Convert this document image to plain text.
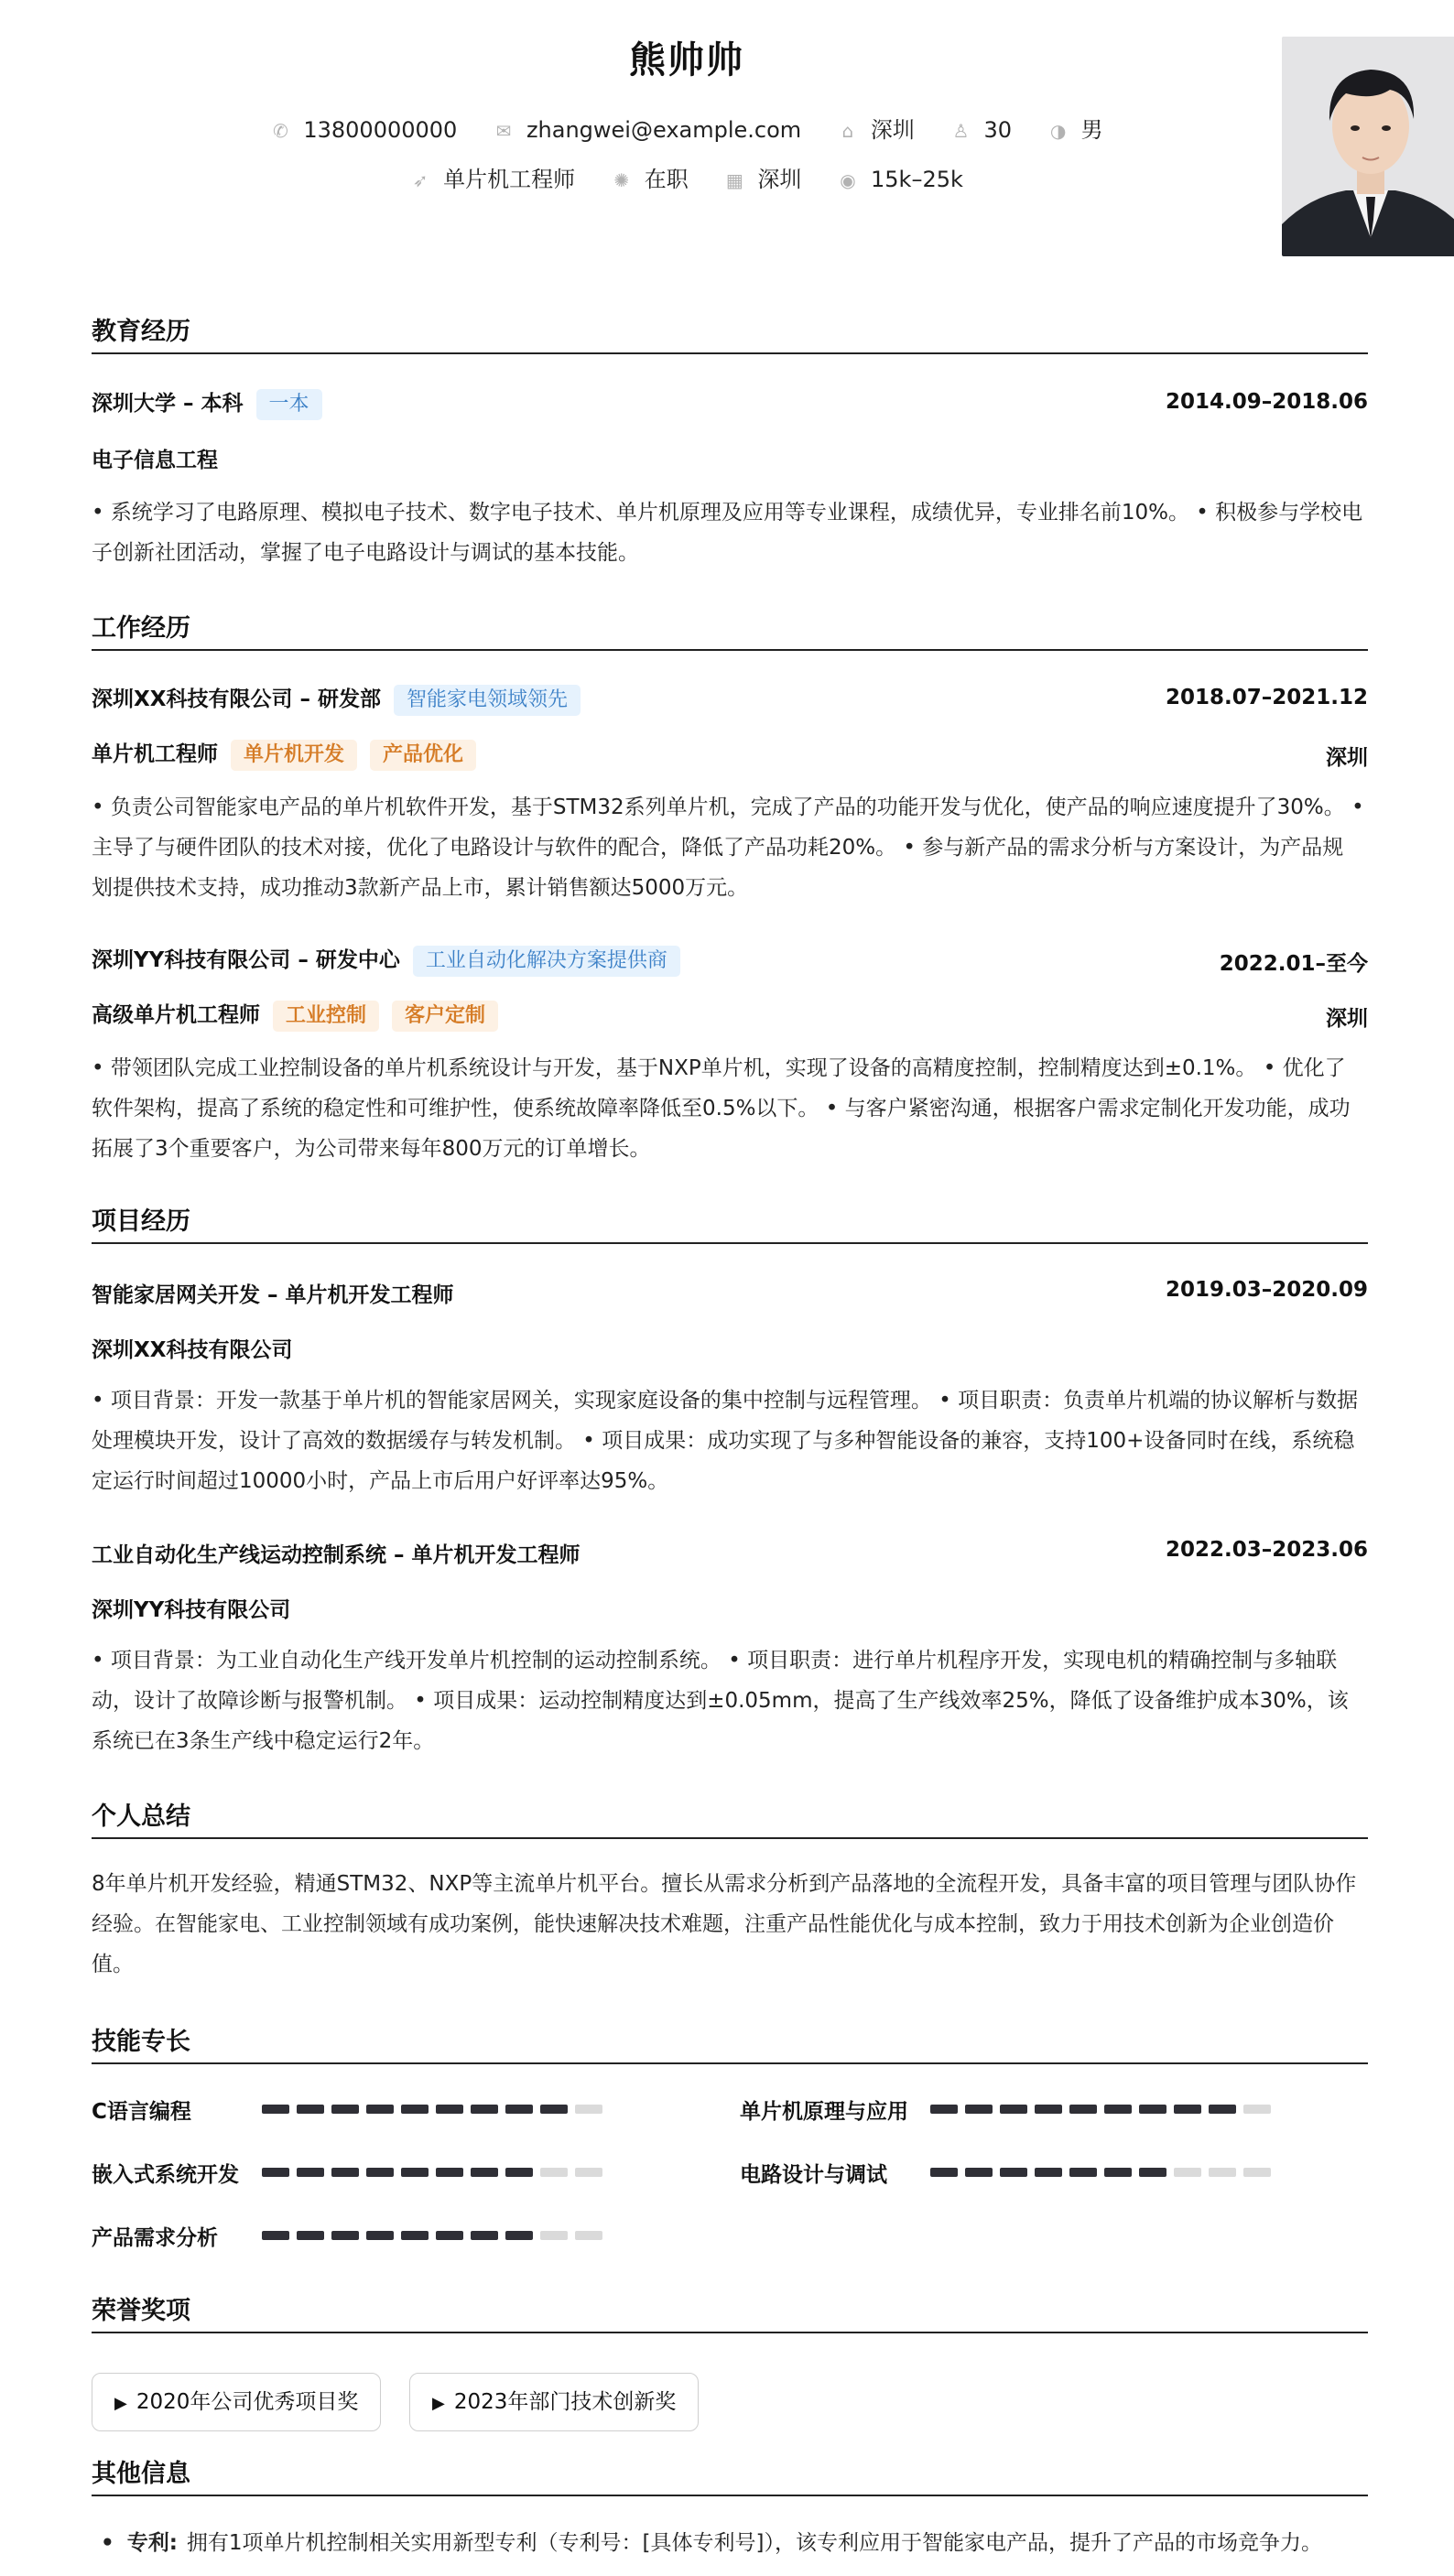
熊帅帅
✆ 13800000000 ✉ zhangwei@example.com ⌂ 深圳 ♙ 30 ◑ 男
➶ 单片机工程师 ✺ 在职 ▦ 深圳 ◉ 15k–25k
教育经历
深圳大学 – 本科 一本	2014.09–2018.06
电子信息工程
• 系统学习了电路原理、模拟电子技术、数字电子技术、单片机原理及应用等专业课程，成绩优异，专业排名前10%。 • 积极参与学校电子创新社团活动，掌握了电子电路设计与调试的基本技能。
工作经历
深圳XX科技有限公司 – 研发部 智能家电领域领先	2018.07–2021.12
单片机工程师 单片机开发 产品优化	深圳
• 负责公司智能家电产品的单片机软件开发，基于STM32系列单片机，完成了产品的功能开发与优化，使产品的响应速度提升了30%。 • 主导了与硬件团队的技术对接，优化了电路设计与软件的配合，降低了产品功耗20%。 • 参与新产品的需求分析与方案设计，为产品规划提供技术支持，成功推动3款新产品上市，累计销售额达5000万元。
深圳YY科技有限公司 – 研发中心 工业自动化解决方案提供商	2022.01–至今
高级单片机工程师 工业控制 客户定制	深圳
• 带领团队完成工业控制设备的单片机系统设计与开发，基于NXP单片机，实现了设备的高精度控制，控制精度达到±0.1%。 • 优化了软件架构，提高了系统的稳定性和可维护性，使系统故障率降低至0.5%以下。 • 与客户紧密沟通，根据客户需求定制化开发功能，成功拓展了3个重要客户，为公司带来每年800万元的订单增长。
项目经历
智能家居网关开发 – 单片机开发工程师	2019.03–2020.09
深圳XX科技有限公司
• 项目背景：开发一款基于单片机的智能家居网关，实现家庭设备的集中控制与远程管理。 • 项目职责：负责单片机端的协议解析与数据处理模块开发，设计了高效的数据缓存与转发机制。 • 项目成果：成功实现了与多种智能设备的兼容，支持100+设备同时在线，系统稳定运行时间超过10000小时，产品上市后用户好评率达95%。
工业自动化生产线运动控制系统 – 单片机开发工程师	2022.03–2023.06
深圳YY科技有限公司
• 项目背景：为工业自动化生产线开发单片机控制的运动控制系统。 • 项目职责：进行单片机程序开发，实现电机的精确控制与多轴联动，设计了故障诊断与报警机制。 • 项目成果：运动控制精度达到±0.05mm，提高了生产线效率25%，降低了设备维护成本30%，该系统已在3条生产线中稳定运行2年。
个人总结
8年单片机开发经验，精通STM32、NXP等主流单片机平台。擅长从需求分析到产品落地的全流程开发，具备丰富的项目管理与团队协作经验。在智能家电、工业控制领域有成功案例，能快速解决技术难题，注重产品性能优化与成本控制，致力于用技术创新为企业创造价值。
技能专长
C语言编程	单片机原理与应用
嵌入式系统开发	电路设计与调试
产品需求分析
荣誉奖项
▶ 2020年公司优秀项目奖	▶ 2023年部门技术创新奖
其他信息
• 专利: 拥有1项单片机控制相关实用新型专利（专利号：[具体专利号]），该专利应用于智能家电产品，提升了产品的市场竞争力。
